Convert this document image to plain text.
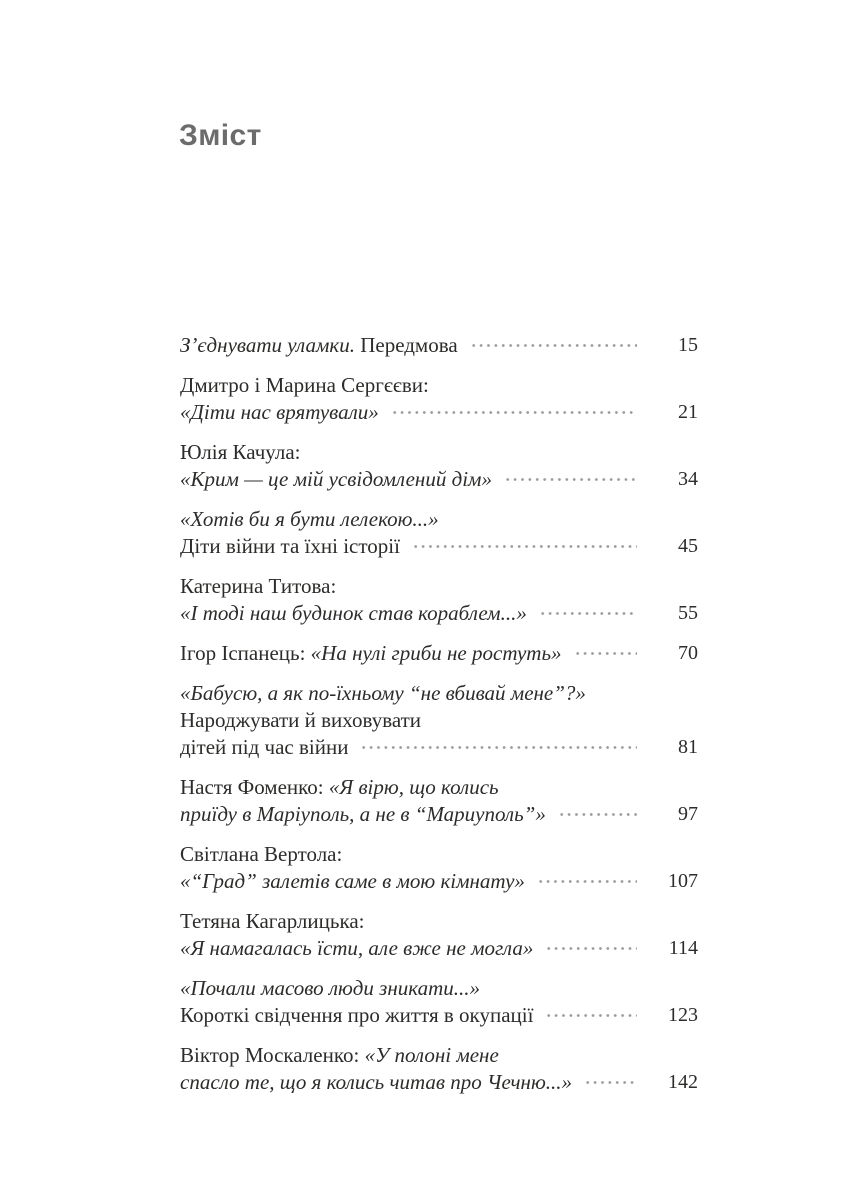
Зміст

З’єднувати уламки. Передмова	15

Дмитро і Марина Сергєєви:

«Діти нас врятували»	21

Юлія Качула:

«Крим — це мій усвідомлений дім»	34

«Хотів би я бути лелекою...»

Діти війни та їхні історії	45

Катерина Титова:

«І тоді наш будинок став кораблем...»	55

Ігор Іспанець: «На нулі гриби не ростуть»	70

«Бабусю, а як по-їхньому “не вбивай мене”?»

Народжувати й виховувати

дітей під час війни	81

Настя Фоменко: «Я вірю, що колись

приїду в Маріуполь, а не в “Мариуполь”»	97

Світлана Вертола:

«“Град” залетів саме в мою кімнату»	107

Тетяна Кагарлицька:

«Я намагалась їсти, але вже не могла»	114

«Почали масово люди зникати...»

Короткі свідчення про життя в окупації	123

Віктор Москаленко: «У полоні мене

спасло те, що я колись читав про Чечню...»	142
